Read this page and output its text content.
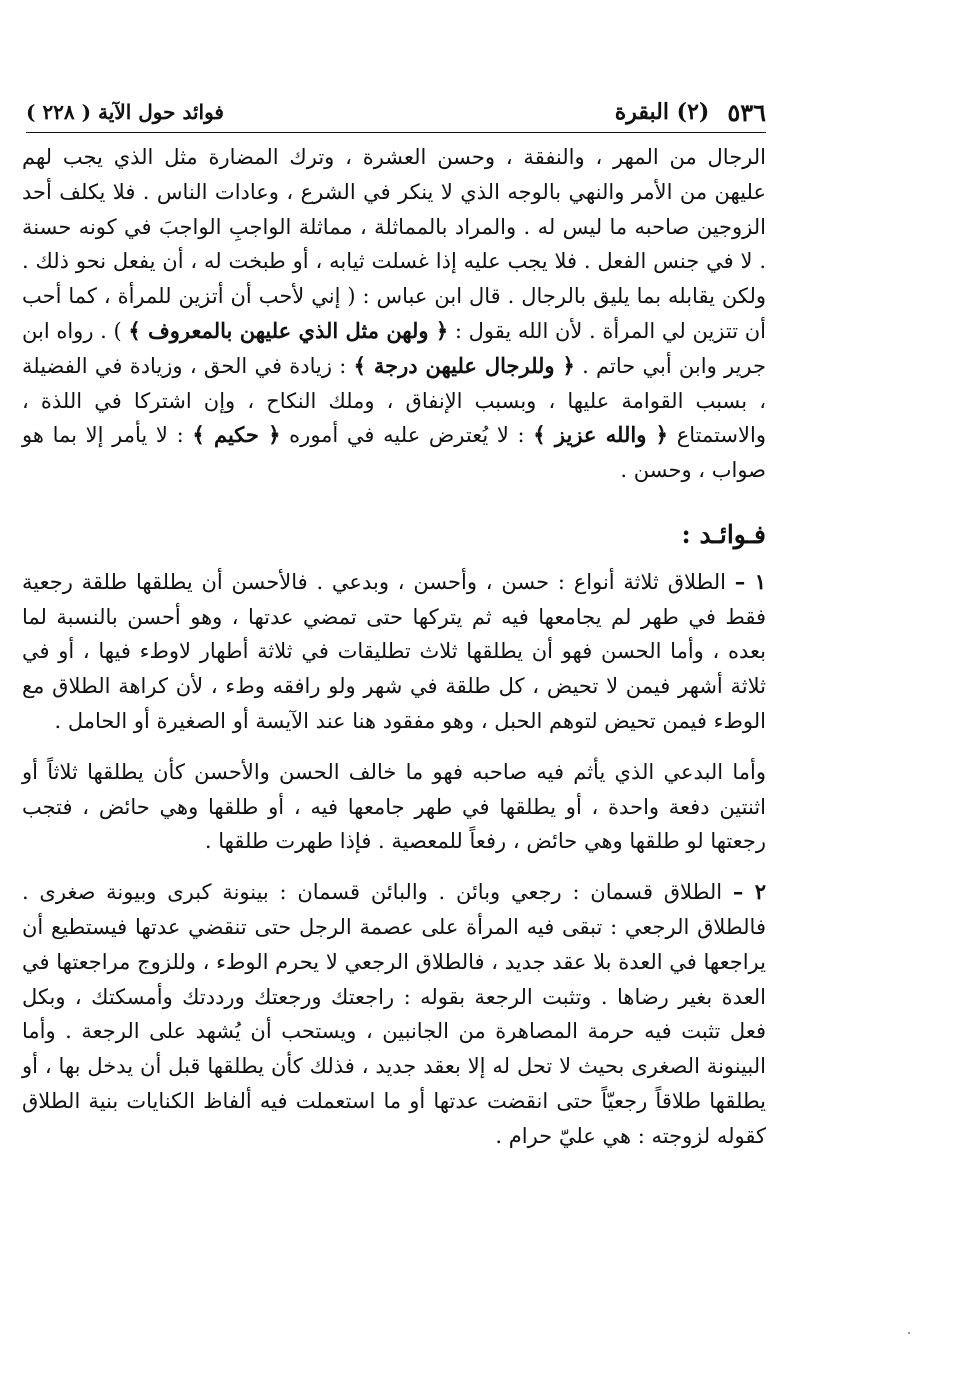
٥٣٦
(٢) البقرة
فوائد حول الآية ( ٢٢٨ )

الرجال من المهر ، والنفقة ، وحسن العشرة ، وترك المضارة مثل الذي يجب لهم عليهن من الأمر والنهي بالوجه الذي لا ينكر في الشرع ، وعادات الناس . فلا يكلف أحد الزوجين صاحبه ما ليس له . والمراد بالمماثلة ، مماثلة الواجبِ الواجبَ في كونه حسنة . لا في جنس الفعل . فلا يجب عليه إذا غسلت ثيابه ، أو طبخت له ، أن يفعل نحو ذلك . ولكن يقابله بما يليق بالرجال . قال ابن عباس : ( إني لأحب أن أتزين للمرأة ، كما أحب أن تتزين لي المرأة . لأن الله يقول : ﴿ ولهن مثل الذي عليهن بالمعروف ﴾ ) . رواه ابن جرير وابن أبي حاتم . ﴿ وللرجال عليهن درجة ﴾ : زيادة في الحق ، وزيادة في الفضيلة ، بسبب القوامة عليها ، وبسبب الإنفاق ، وملك النكاح ، وإن اشتركا في اللذة ، والاستمتاع ﴿ والله عزيز ﴾ : لا يُعترض عليه في أموره ﴿ حكيم ﴾ : لا يأمر إلا بما هو صواب ، وحسن .

فـوائـد :

١ – الطلاق ثلاثة أنواع : حسن ، وأحسن ، وبدعي . فالأحسن أن يطلقها طلقة رجعية فقط في طهر لم يجامعها فيه ثم يتركها حتى تمضي عدتها ، وهو أحسن بالنسبة لما بعده ، وأما الحسن فهو أن يطلقها ثلاث تطليقات في ثلاثة أطهار لاوطء فيها ، أو في ثلاثة أشهر فيمن لا تحيض ، كل طلقة في شهر ولو رافقه وطء ، لأن كراهة الطلاق مع الوطء فيمن تحيض لتوهم الحبل ، وهو مفقود هنا عند الآيسة أو الصغيرة أو الحامل .

وأما البدعي الذي يأثم فيه صاحبه فهو ما خالف الحسن والأحسن كأن يطلقها ثلاثاً أو اثنتين دفعة واحدة ، أو يطلقها في طهر جامعها فيه ، أو طلقها وهي حائض ، فتجب رجعتها لو طلقها وهي حائض ، رفعاً للمعصية . فإذا طهرت طلقها .

٢ – الطلاق قسمان : رجعي وبائن . والبائن قسمان : بينونة كبرى وبيونة صغرى . فالطلاق الرجعي : تبقى فيه المرأة على عصمة الرجل حتى تنقضي عدتها فيستطيع أن يراجعها في العدة بلا عقد جديد ، فالطلاق الرجعي لا يحرم الوطء ، وللزوج مراجعتها في العدة بغير رضاها . وتثبت الرجعة بقوله : راجعتك ورجعتك ورددتك وأمسكتك ، وبكل فعل تثبت فيه حرمة المصاهرة من الجانبين ، ويستحب أن يُشهد على الرجعة . وأما البينونة الصغرى بحيث لا تحل له إلا بعقد جديد ، فذلك كأن يطلقها قبل أن يدخل بها ، أو يطلقها طلاقاً رجعيّاً حتى انقضت عدتها أو ما استعملت فيه ألفاظ الكنايات بنية الطلاق كقوله لزوجته : هي عليّ حرام .
